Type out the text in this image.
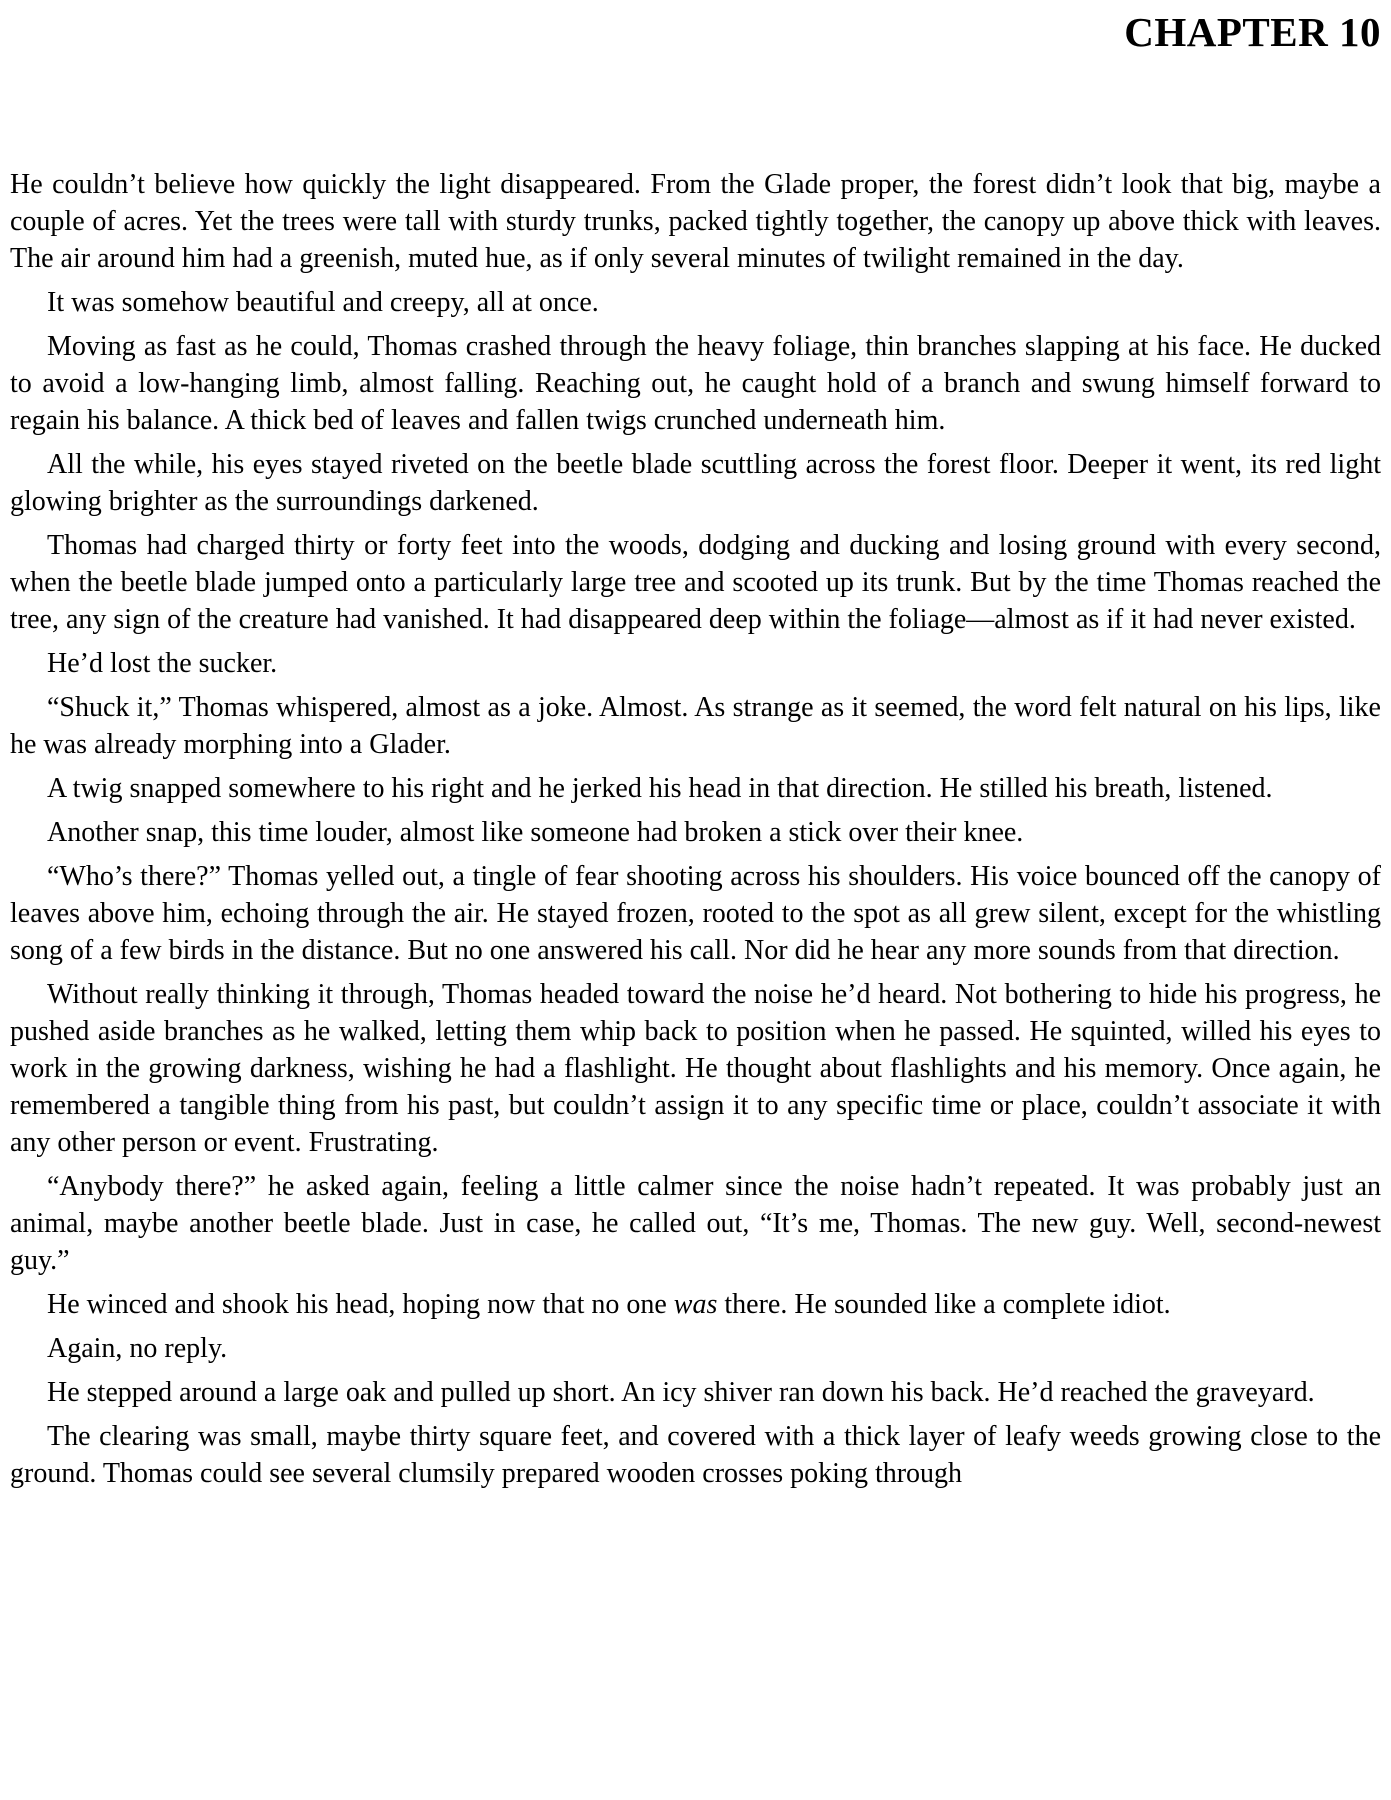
CHAPTER 10

He couldn’t believe how quickly the light disappeared. From the Glade proper, the forest didn’t look that big, maybe a couple of acres. Yet the trees were tall with sturdy trunks, packed tightly together, the canopy up above thick with leaves. The air around him had a greenish, muted hue, as if only several minutes of twilight remained in the day.

It was somehow beautiful and creepy, all at once.

Moving as fast as he could, Thomas crashed through the heavy foliage, thin branches slapping at his face. He ducked to avoid a low-hanging limb, almost falling. Reaching out, he caught hold of a branch and swung himself forward to regain his balance. A thick bed of leaves and fallen twigs crunched underneath him.

All the while, his eyes stayed riveted on the beetle blade scuttling across the forest floor. Deeper it went, its red light glowing brighter as the surroundings darkened.

Thomas had charged thirty or forty feet into the woods, dodging and ducking and losing ground with every second, when the beetle blade jumped onto a particularly large tree and scooted up its trunk. But by the time Thomas reached the tree, any sign of the creature had vanished. It had disappeared deep within the foliage—almost as if it had never existed.

He’d lost the sucker.

“Shuck it,” Thomas whispered, almost as a joke. Almost. As strange as it seemed, the word felt natural on his lips, like he was already morphing into a Glader.

A twig snapped somewhere to his right and he jerked his head in that direction. He stilled his breath, listened.

Another snap, this time louder, almost like someone had broken a stick over their knee.

“Who’s there?” Thomas yelled out, a tingle of fear shooting across his shoulders. His voice bounced off the canopy of leaves above him, echoing through the air. He stayed frozen, rooted to the spot as all grew silent, except for the whistling song of a few birds in the distance. But no one answered his call. Nor did he hear any more sounds from that direction.

Without really thinking it through, Thomas headed toward the noise he’d heard. Not bothering to hide his progress, he pushed aside branches as he walked, letting them whip back to position when he passed. He squinted, willed his eyes to work in the growing darkness, wishing he had a flashlight. He thought about flashlights and his memory. Once again, he remembered a tangible thing from his past, but couldn’t assign it to any specific time or place, couldn’t associate it with any other person or event. Frustrating.

“Anybody there?” he asked again, feeling a little calmer since the noise hadn’t repeated. It was probably just an animal, maybe another beetle blade. Just in case, he called out, “It’s me, Thomas. The new guy. Well, second-newest guy.”

He winced and shook his head, hoping now that no one was there. He sounded like a complete idiot.

Again, no reply.

He stepped around a large oak and pulled up short. An icy shiver ran down his back. He’d reached the graveyard.

The clearing was small, maybe thirty square feet, and covered with a thick layer of leafy weeds growing close to the ground. Thomas could see several clumsily prepared wooden crosses poking through
